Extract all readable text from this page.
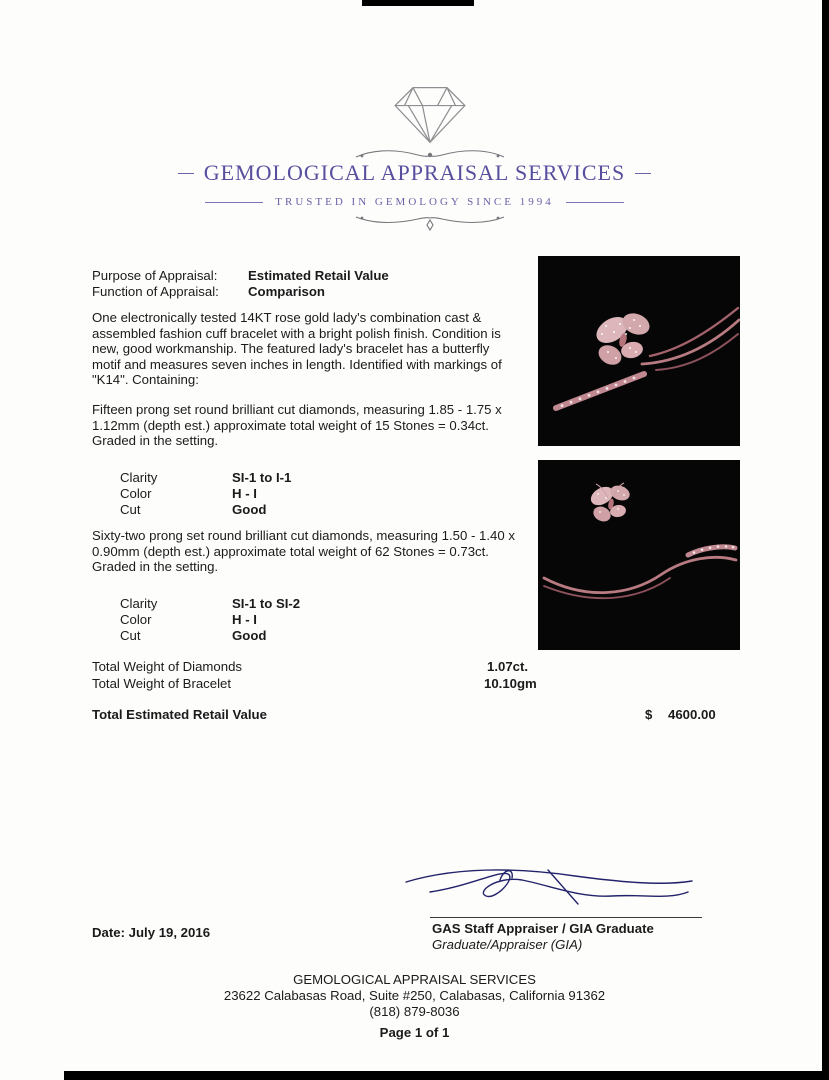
GEMOLOGICAL APPRAISAL SERVICES
TRUSTED IN GEMOLOGY SINCE 1994
Purpose of Appraisal: Estimated Retail Value
Function of Appraisal: Comparison
One electronically tested 14KT rose gold lady's combination cast & assembled fashion cuff bracelet with a bright polish finish. Condition is new, good workmanship. The featured lady's bracelet has a butterfly motif and measures seven inches in length. Identified with markings of "K14". Containing:
Fifteen prong set round brilliant cut diamonds, measuring 1.85 - 1.75 x 1.12mm (depth est.) approximate total weight of 15 Stones = 0.34ct. Graded in the setting.
Clarity	SI-1 to I-1
Color	H - I
Cut	Good
Sixty-two prong set round brilliant cut diamonds, measuring 1.50 - 1.40 x 0.90mm (depth est.) approximate total weight of 62 Stones = 0.73ct. Graded in the setting.
Clarity	SI-1 to SI-2
Color	H - I
Cut	Good
Total Weight of Diamonds	1.07ct.
Total Weight of Bracelet	10.10gm
Total Estimated Retail Value	$ 4600.00
GAS Staff Appraiser / GIA Graduate
Graduate/Appraiser (GIA)
Date: July 19, 2016
GEMOLOGICAL APPRAISAL SERVICES
23622 Calabasas Road, Suite #250, Calabasas, California 91362
(818) 879-8036
Page 1 of 1
